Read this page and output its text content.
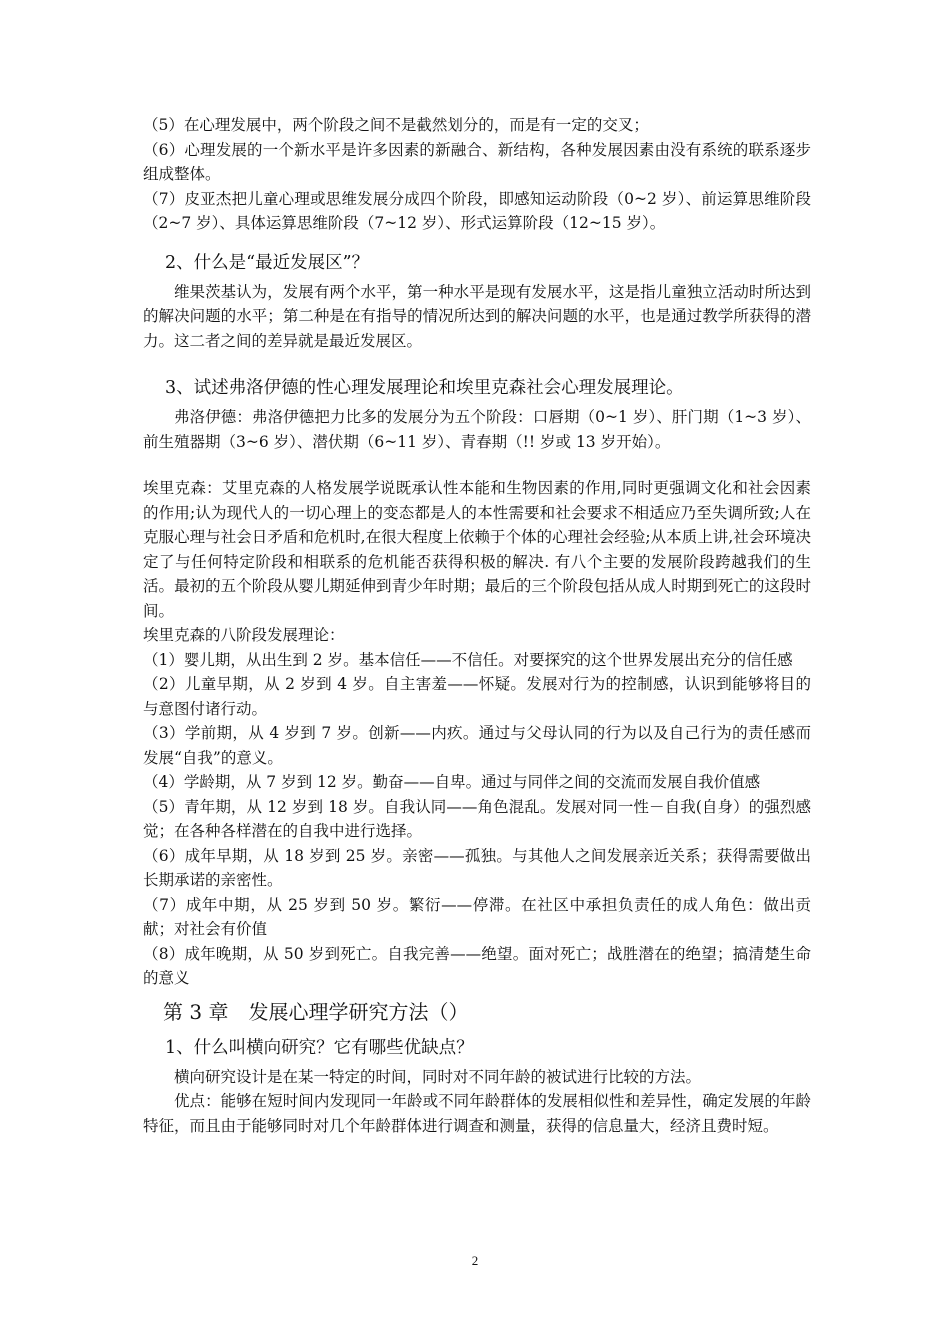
（5）在心理发展中，两个阶段之间不是截然划分的，而是有一定的交叉；

（6）心理发展的一个新水平是许多因素的新融合、新结构，各种发展因素由没有系统的联系逐步组成整体。

（7）皮亚杰把儿童心理或思维发展分成四个阶段，即感知运动阶段（0~2 岁）、前运算思维阶段（2~7 岁）、具体运算思维阶段（7~12 岁）、形式运算阶段（12~15 岁）。

2、什么是“最近发展区”？

维果茨基认为，发展有两个水平，第一种水平是现有发展水平，这是指儿童独立活动时所达到的解决问题的水平；第二种是在有指导的情况所达到的解决问题的水平，也是通过教学所获得的潜力。这二者之间的差异就是最近发展区。

3、试述弗洛伊德的性心理发展理论和埃里克森社会心理发展理论。

弗洛伊德：弗洛伊德把力比多的发展分为五个阶段：口唇期（0~1 岁）、肝门期（1~3 岁）、前生殖器期（3~6 岁）、潜伏期（6~11 岁）、青春期（!! 岁或 13 岁开始）。

埃里克森：艾里克森的人格发展学说既承认性本能和生物因素的作用,同时更强调文化和社会因素的作用;认为现代人的一切心理上的变态都是人的本性需要和社会要求不相适应乃至失调所致;人在克服心理与社会日矛盾和危机时,在很大程度上依赖于个体的心理社会经验;从本质上讲,社会环境决定了与任何特定阶段和相联系的危机能否获得积极的解决. 有八个主要的发展阶段跨越我们的生活。最初的五个阶段从婴儿期延伸到青少年时期；最后的三个阶段包括从成人时期到死亡的这段时间。

埃里克森的八阶段发展理论：

（1）婴儿期，从出生到 2 岁。基本信任——不信任。对要探究的这个世界发展出充分的信任感

（2）儿童早期，从 2 岁到 4 岁。自主害羞——怀疑。发展对行为的控制感，认识到能够将目的与意图付诸行动。

（3）学前期，从 4 岁到 7 岁。创新——内疚。通过与父母认同的行为以及自己行为的责任感而发展“自我”的意义。

（4）学龄期，从 7 岁到 12 岁。勤奋——自卑。通过与同伴之间的交流而发展自我价值感

（5）青年期，从 12 岁到 18 岁。自我认同——角色混乱。发展对同一性－自我(自身）的强烈感觉；在各种各样潜在的自我中进行选择。

（6）成年早期，从 18 岁到 25 岁。亲密——孤独。与其他人之间发展亲近关系；获得需要做出长期承诺的亲密性。

（7）成年中期，从 25 岁到 50 岁。繁衍——停滞。在社区中承担负责任的成人角色：做出贡献；对社会有价值

（8）成年晚期，从 50 岁到死亡。自我完善——绝望。面对死亡；战胜潜在的绝望；搞清楚生命的意义

第 3 章 发展心理学研究方法（）
1、什么叫横向研究？它有哪些优缺点？

横向研究设计是在某一特定的时间，同时对不同年龄的被试进行比较的方法。

优点：能够在短时间内发现同一年龄或不同年龄群体的发展相似性和差异性，确定发展的年龄特征，而且由于能够同时对几个年龄群体进行调查和测量，获得的信息量大，经济且费时短。

2
